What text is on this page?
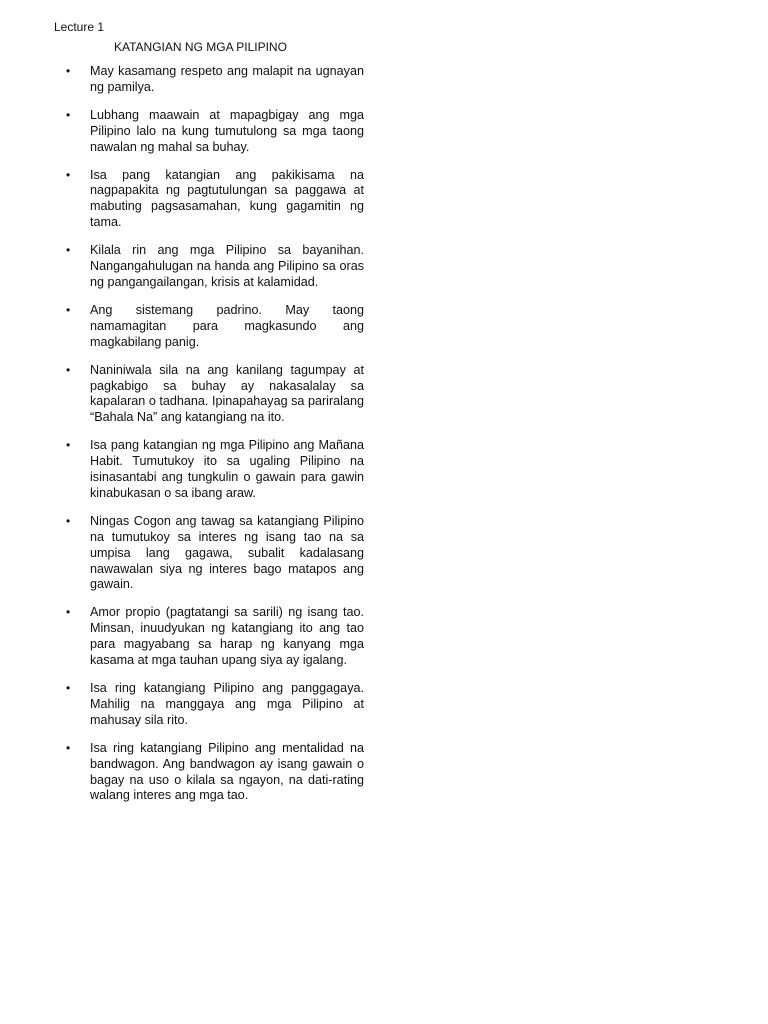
Lecture 1
KATANGIAN NG MGA PILIPINO
• May kasamang respeto ang malapit na ugnayan ng pamilya.
• Lubhang maawain at mapagbigay ang mga Pilipino lalo na kung tumutulong sa mga taong nawalan ng mahal sa buhay.
• Isa pang katangian ang pakikisama na nagpapakita ng pagtutulungan sa paggawa at mabuting pagsasamahan, kung gagamitin ng tama.
• Kilala rin ang mga Pilipino sa bayanihan. Nangangahulugan na handa ang Pilipino sa oras ng pangangailangan, krisis at kalamidad.
• Ang sistemang padrino. May taong namamagitan para magkasundo ang magkabilang panig.
• Naniniwala sila na ang kanilang tagumpay at pagkabigo sa buhay ay nakasalalay sa kapalaran o tadhana. Ipinapahayag sa pariralang “Bahala Na” ang katangiang na ito.
• Isa pang katangian ng mga Pilipino ang Mañana Habit. Tumutukoy ito sa ugaling Pilipino na isinasantabi ang tungkulin o gawain para gawin kinabukasan o sa ibang araw.
• Ningas Cogon ang tawag sa katangiang Pilipino na tumutukoy sa interes ng isang tao na sa umpisa lang gagawa, subalit kadalasang nawawalan siya ng interes bago matapos ang gawain.
• Amor propio (pagtatangi sa sarili) ng isang tao. Minsan, inuudyukan ng katangiang ito ang tao para magyabang sa harap ng kanyang mga kasama at mga tauhan upang siya ay igalang.
• Isa ring katangiang Pilipino ang panggagaya. Mahilig na manggaya ang mga Pilipino at mahusay sila rito.
• Isa ring katangiang Pilipino ang mentalidad na bandwagon. Ang bandwagon ay isang gawain o bagay na uso o kilala sa ngayon, na dati-rating walang interes ang mga tao.
